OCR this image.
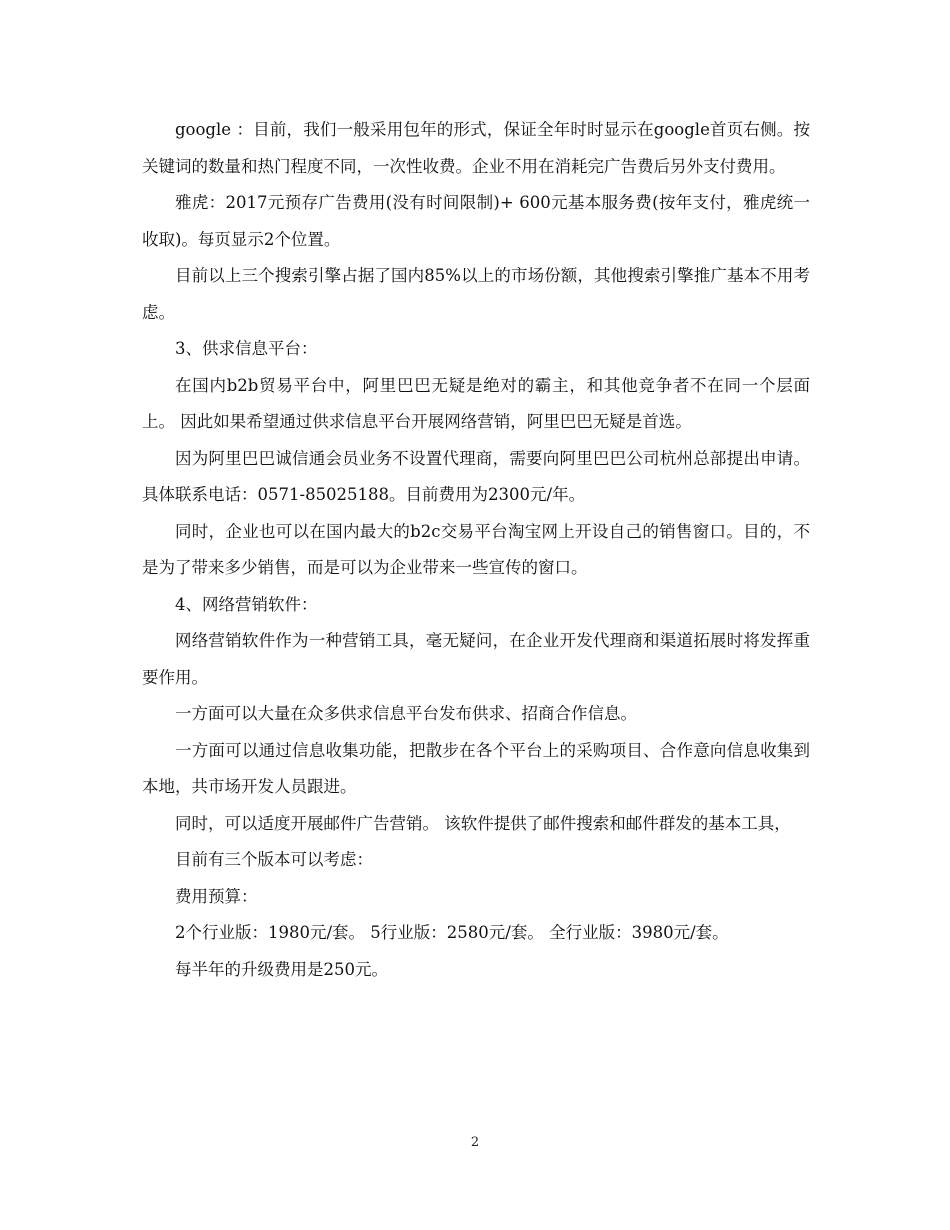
google ：目前，我们一般采用包年的形式，保证全年时时显示在google首页右侧。按关键词的数量和热门程度不同，一次性收费。企业不用在消耗完广告费后另外支付费用。

雅虎：2017元预存广告费用(没有时间限制)+ 600元基本服务费(按年支付，雅虎统一收取)。每页显示2个位置。

目前以上三个搜索引擎占据了国内85%以上的市场份额，其他搜索引擎推广基本不用考虑。

3、供求信息平台：

在国内b2b贸易平台中，阿里巴巴无疑是绝对的霸主，和其他竞争者不在同一个层面上。 因此如果希望通过供求信息平台开展网络营销，阿里巴巴无疑是首选。

因为阿里巴巴诚信通会员业务不设置代理商，需要向阿里巴巴公司杭州总部提出申请。具体联系电话：0571-85025188。目前费用为2300元/年。

同时，企业也可以在国内最大的b2c交易平台淘宝网上开设自己的销售窗口。目的，不是为了带来多少销售，而是可以为企业带来一些宣传的窗口。

4、网络营销软件：

网络营销软件作为一种营销工具，毫无疑问，在企业开发代理商和渠道拓展时将发挥重要作用。

一方面可以大量在众多供求信息平台发布供求、招商合作信息。

一方面可以通过信息收集功能，把散步在各个平台上的采购项目、合作意向信息收集到本地，共市场开发人员跟进。

同时，可以适度开展邮件广告营销。 该软件提供了邮件搜索和邮件群发的基本工具，

目前有三个版本可以考虑：

费用预算：

2个行业版：1980元/套。 5行业版：2580元/套。 全行业版：3980元/套。

每半年的升级费用是250元。

2
